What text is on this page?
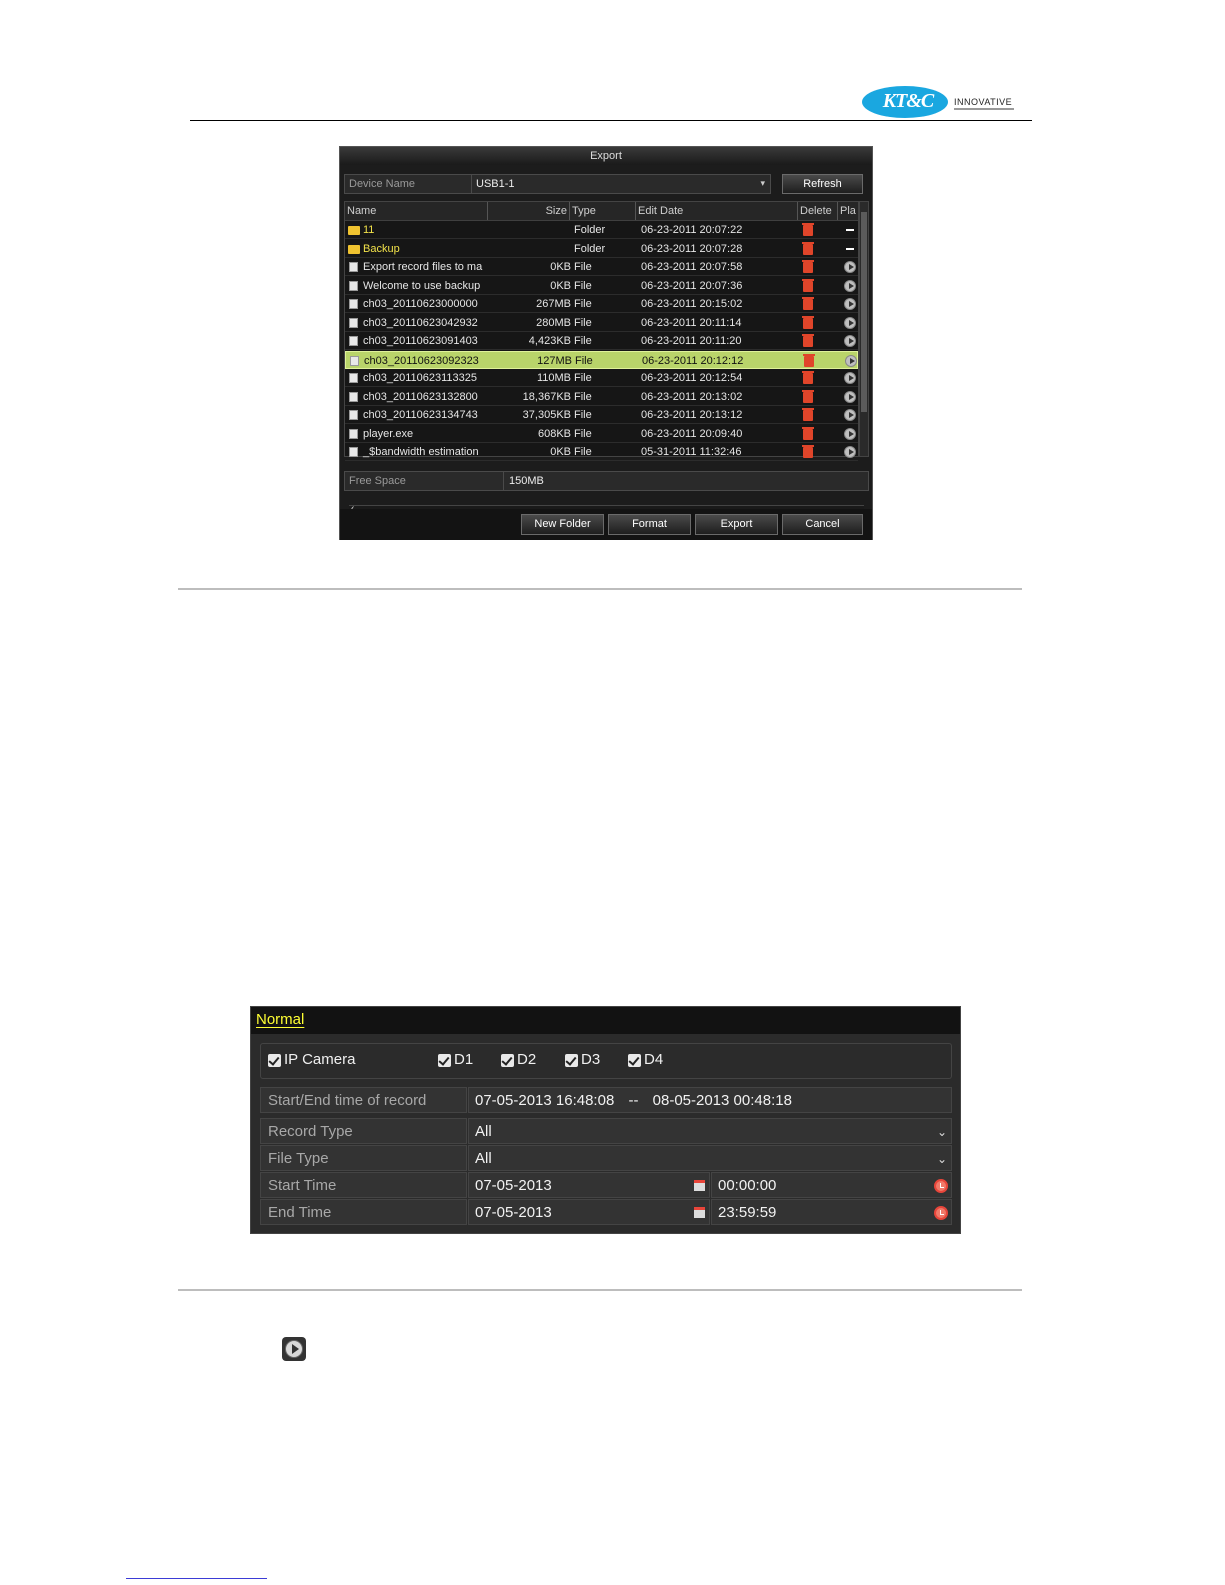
KT&C	INNOVATIVE
Export
Device Name	USB1-1	▾	Refresh
Name	Size Type	Edit Date	Delete Pla
11	Folder	06-23-2011 20:07:22
Backup	Folder	06-23-2011 20:07:28
Export record files to ma	0KB File	06-23-2011 20:07:58
Welcome to use backup	0KB File	06-23-2011 20:07:36
ch03_20110623000000	267MB File	06-23-2011 20:15:02
ch03_20110623042932	280MB File	06-23-2011 20:11:14
ch03_20110623091403	4,423KB File	06-23-2011 20:11:20
ch03_20110623092323	127MB File	06-23-2011 20:12:12
ch03_20110623113325	110MB File	06-23-2011 20:12:54
ch03_20110623132800	18,367KB File	06-23-2011 20:13:02
ch03_20110623134743	37,305KB File	06-23-2011 20:13:12
player.exe	608KB File	06-23-2011 20:09:40
_$bandwidth estimation	0KB File	05-31-2011 11:32:46
Free Space	150MB
New Folder	Format	Export	Cancel
Normal
IP Camera	D1	D2	D3	D4
Start/End time of record	07-05-2013 16:48:08 -- 08-05-2013 00:48:18
Record Type	All	⌄
File Type	All	⌄
Start Time	07-05-2013	00:00:00
End Time	07-05-2013	23:59:59
